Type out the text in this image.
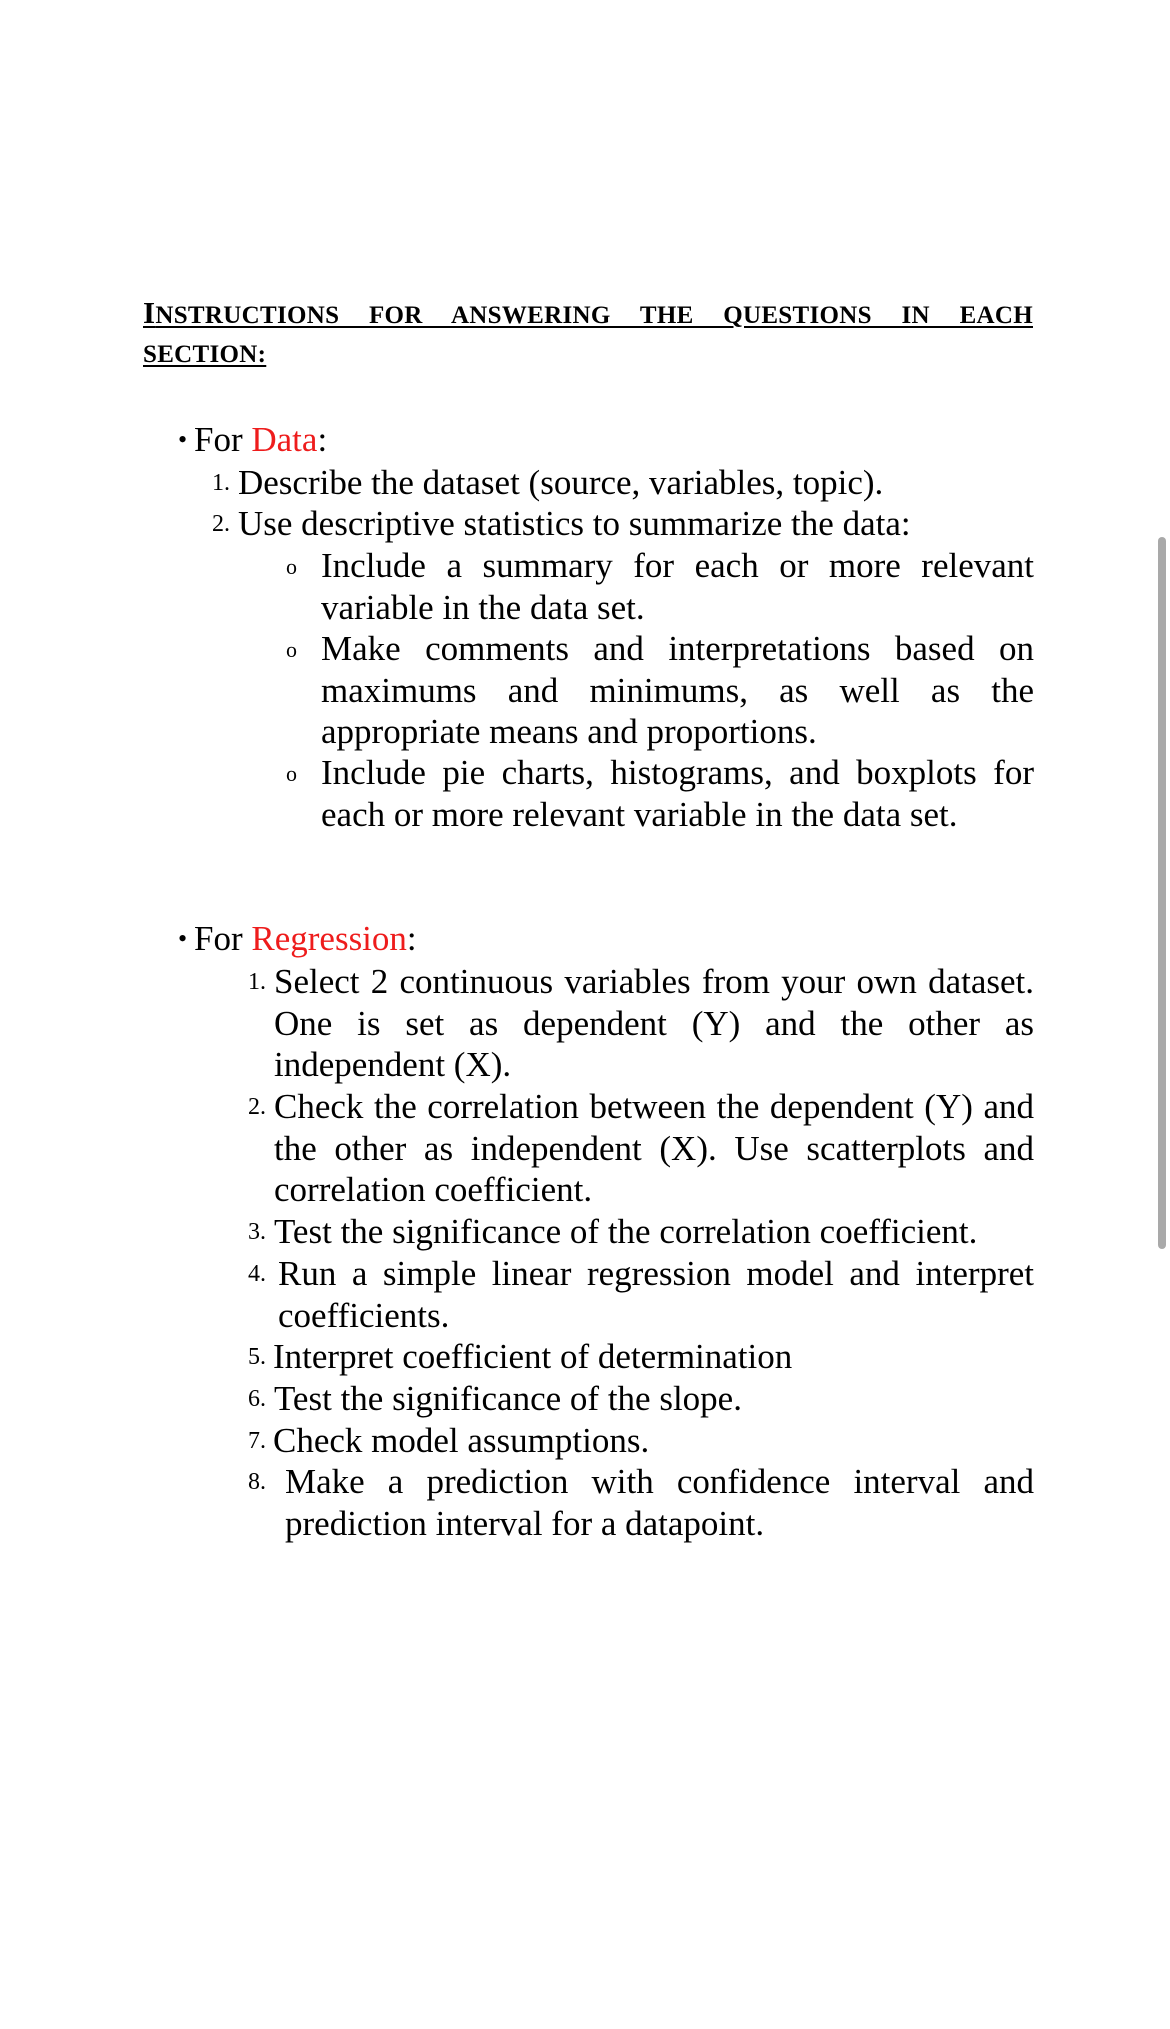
INSTRUCTIONS FOR ANSWERING THE QUESTIONS IN EACH
SECTION:
• For Data:
1. Describe the dataset (source, variables, topic).
2. Use descriptive statistics to summarize the data:
o Include a summary for each or more relevant variable in the data set.
o Make comments and interpretations based on maximums and minimums, as well as the appropriate means and proportions.
o Include pie charts, histograms, and boxplots for each or more relevant variable in the data set.
• For Regression:
1. Select 2 continuous variables from your own dataset. One is set as dependent (Y) and the other as independent (X).
2. Check the correlation between the dependent (Y) and the other as independent (X). Use scatterplots and correlation coefficient.
3. Test the significance of the correlation coefficient.
4. Run a simple linear regression model and interpret coefficients.
5. Interpret coefficient of determination
6. Test the significance of the slope.
7. Check model assumptions.
8. Make a prediction with confidence interval and prediction interval for a datapoint.
